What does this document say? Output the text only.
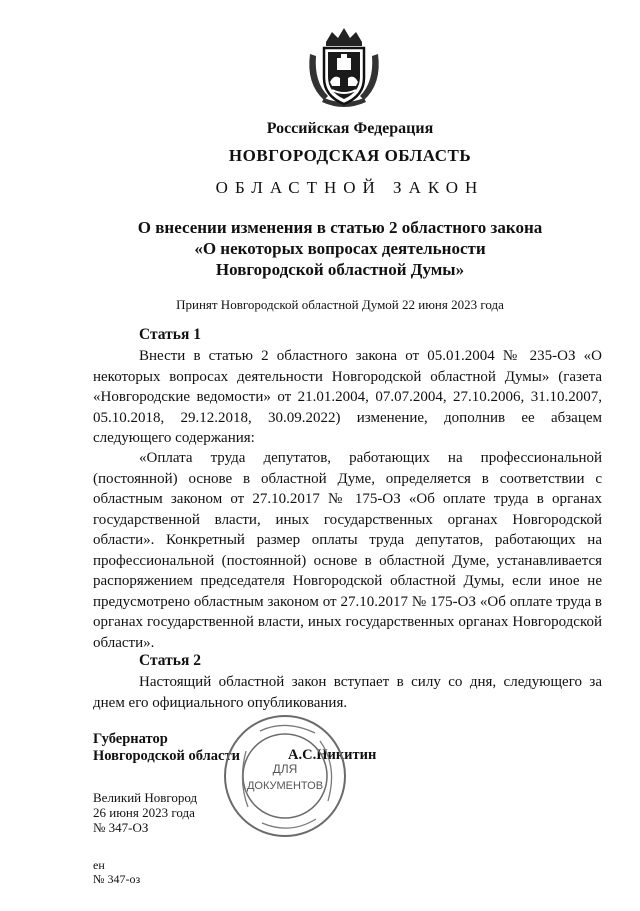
Российская Федерация
НОВГОРОДСКАЯ ОБЛАСТЬ
ОБЛАСТНОЙ ЗАКОН
О внесении изменения в статью 2 областного закона
«О некоторых вопросах деятельности
Новгородской областной Думы»
Принят Новгородской областной Думой 22 июня 2023 года
Статья 1

Внести в статью 2 областного закона от 05.01.2004 № 235-ОЗ «О некоторых вопросах деятельности Новгородской областной Думы» (газета «Новгородские ведомости» от 21.01.2004, 07.07.2004, 27.10.2006, 31.10.2007, 05.10.2018, 29.12.2018, 30.09.2022) изменение, дополнив ее абзацем следующего содержания:

«Оплата труда депутатов, работающих на профессиональной (постоянной) основе в областной Думе, определяется в соответствии с областным законом от 27.10.2017 № 175-ОЗ «Об оплате труда в органах государственной власти, иных государственных органах Новгородской области». Конкретный размер оплаты труда депутатов, работающих на профессиональной (постоянной) основе в областной Думе, устанавливается распоряжением председателя Новгородской областной Думы, если иное не предусмотрено областным законом от 27.10.2017 № 175-ОЗ «Об оплате труда в органах государственной власти, иных государственных органах Новгородской области».

Статья 2

Настоящий областной закон вступает в силу со дня, следующего за днем его официального опубликования.

Губернатор
Новгородской области	А.С.Никитин
ДЛЯ
ДОКУМЕНТОВ
Великий Новгород
26 июня 2023 года
№ 347-ОЗ
ен
№ 347-оз
